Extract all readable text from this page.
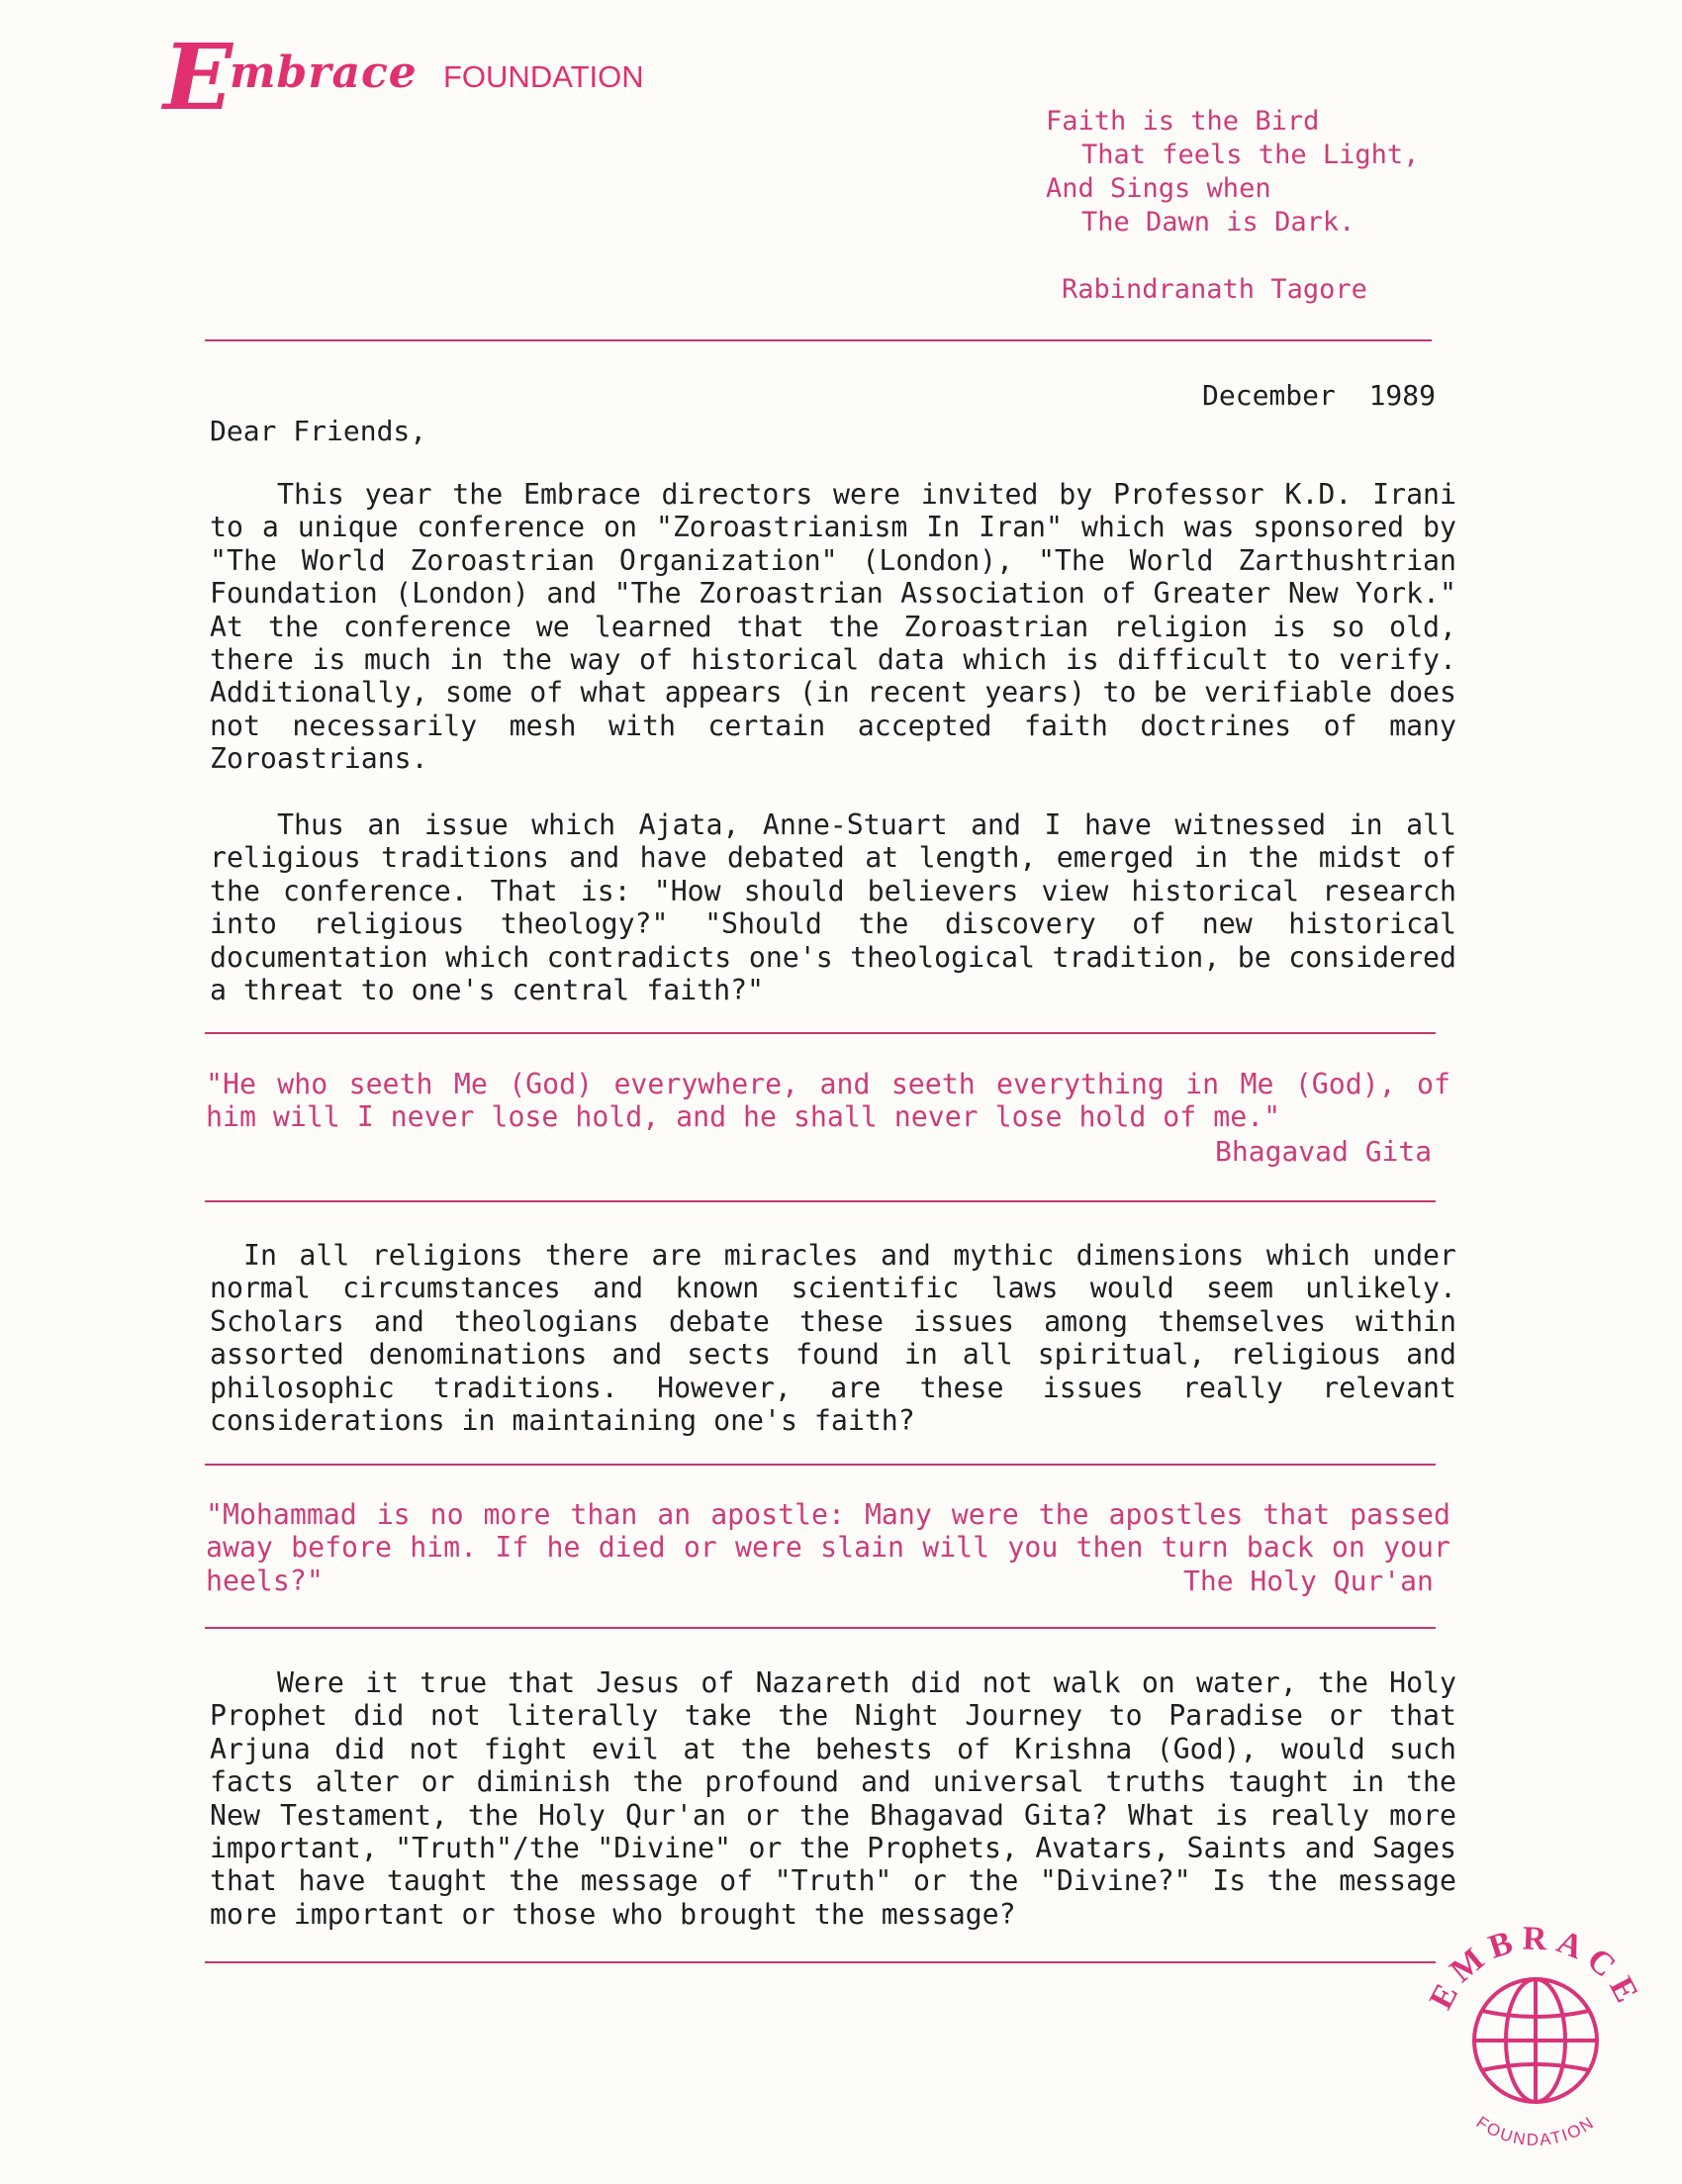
E
mbrace FOUNDATION
Faith is the Bird
That feels the Light,
And Sings when
The Dawn is Dark.
Rabindranath Tagore
December  1989
Dear Friends,

This year the Embrace directors were invited by Professor K.D. Irani to a unique conference on "Zoroastrianism In Iran" which was sponsored by "The World Zoroastrian Organization" (London), "The World Zarthushtrian Foundation (London) and "The Zoroastrian Association of Greater New York." At the conference we learned that the Zoroastrian religion is so old, there is much in the way of historical data which is difficult to verify. Additionally, some of what appears (in recent years) to be verifiable does not necessarily mesh with certain accepted faith doctrines of many Zoroastrians.

Thus an issue which Ajata, Anne-Stuart and I have witnessed in all religious traditions and have debated at length, emerged in the midst of the conference. That is: "How should believers view historical research into religious theology?" "Should the discovery of new historical documentation which contradicts one's theological tradition, be considered a threat to one's central faith?"

"He who seeth Me (God) everywhere, and seeth everything in Me (God), of him will I never lose hold, and he shall never lose hold of me."
Bhagavad Gita

In all religions there are miracles and mythic dimensions which under normal circumstances and known scientific laws would seem unlikely. Scholars and theologians debate these issues among themselves within assorted denominations and sects found in all spiritual, religious and philosophic traditions. However, are these issues really relevant considerations in maintaining one's faith?

"Mohammad is no more than an apostle: Many were the apostles that passed away before him. If he died or were slain will you then turn back on your heels?"	The Holy Qur'an

Were it true that Jesus of Nazareth did not walk on water, the Holy Prophet did not literally take the Night Journey to Paradise or that Arjuna did not fight evil at the behests of Krishna (God), would such facts alter or diminish the profound and universal truths taught in the New Testament, the Holy Qur'an or the Bhagavad Gita? What is really more important, "Truth"/the "Divine" or the Prophets, Avatars, Saints and Sages that have taught the message of "Truth" or the "Divine?" Is the message more important or those who brought the message?

EMBRACE
FOUNDATION
